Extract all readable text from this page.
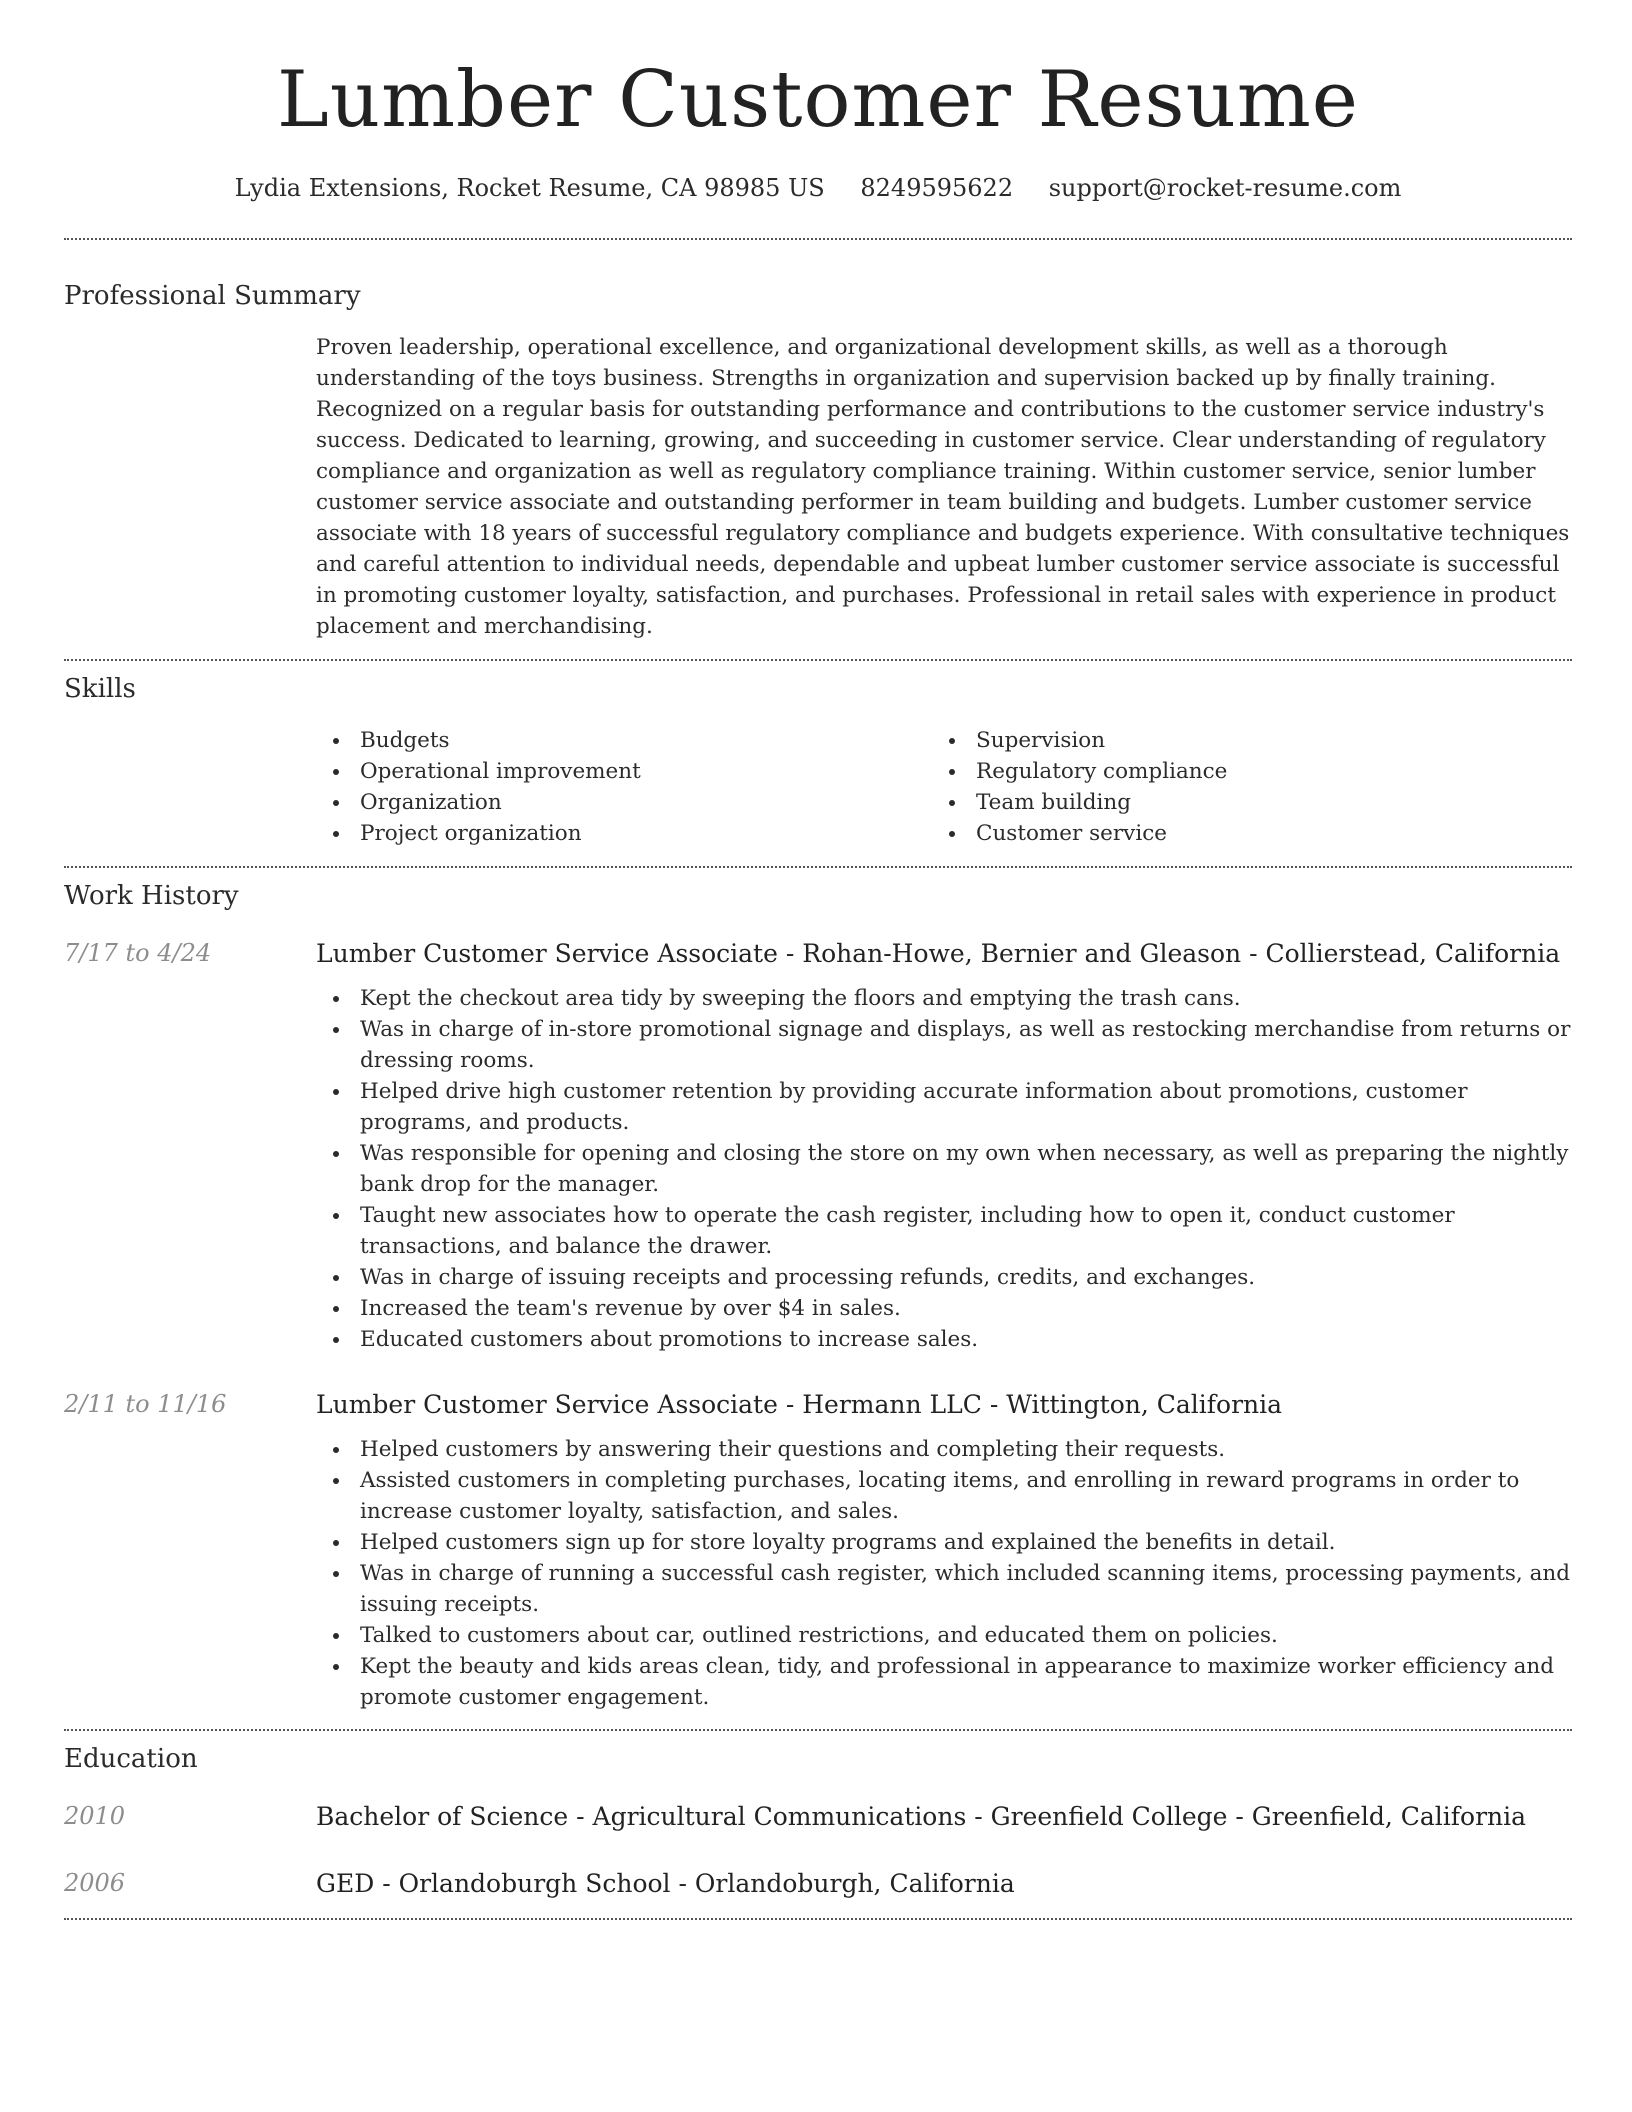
Lumber Customer Resume
Lydia Extensions, Rocket Resume, CA 98985 US 8249595622 support@rocket-resume.com
Professional Summary

Proven leadership, operational excellence, and organizational development skills, as well as a thorough understanding of the toys business. Strengths in organization and supervision backed up by finally training. Recognized on a regular basis for outstanding performance and contributions to the customer service industry's success. Dedicated to learning, growing, and succeeding in customer service. Clear understanding of regulatory compliance and organization as well as regulatory compliance training. Within customer service, senior lumber customer service associate and outstanding performer in team building and budgets. Lumber customer service associate with 18 years of successful regulatory compliance and budgets experience. With consultative techniques and careful attention to individual needs, dependable and upbeat lumber customer service associate is successful in promoting customer loyalty, satisfaction, and purchases. Professional in retail sales with experience in product placement and merchandising.

Skills
Budgets
Operational improvement
Organization
Project organization
Supervision
Regulatory compliance
Team building
Customer service
Work History
7/17 to 4/24	Lumber Customer Service Associate - Rohan-Howe, Bernier and Gleason - Collierstead, California
Kept the checkout area tidy by sweeping the floors and emptying the trash cans.
Was in charge of in-store promotional signage and displays, as well as restocking merchandise from returns or dressing rooms.
Helped drive high customer retention by providing accurate information about promotions, customer programs, and products.
Was responsible for opening and closing the store on my own when necessary, as well as preparing the nightly bank drop for the manager.
Taught new associates how to operate the cash register, including how to open it, conduct customer transactions, and balance the drawer.
Was in charge of issuing receipts and processing refunds, credits, and exchanges.
Increased the team's revenue by over $4 in sales.
Educated customers about promotions to increase sales.
2/11 to 11/16	Lumber Customer Service Associate - Hermann LLC - Wittington, California
Helped customers by answering their questions and completing their requests.
Assisted customers in completing purchases, locating items, and enrolling in reward programs in order to increase customer loyalty, satisfaction, and sales.
Helped customers sign up for store loyalty programs and explained the benefits in detail.
Was in charge of running a successful cash register, which included scanning items, processing payments, and issuing receipts.
Talked to customers about car, outlined restrictions, and educated them on policies.
Kept the beauty and kids areas clean, tidy, and professional in appearance to maximize worker efficiency and promote customer engagement.
Education
2010	Bachelor of Science - Agricultural Communications - Greenfield College - Greenfield, California
2006	GED - Orlandoburgh School - Orlandoburgh, California
